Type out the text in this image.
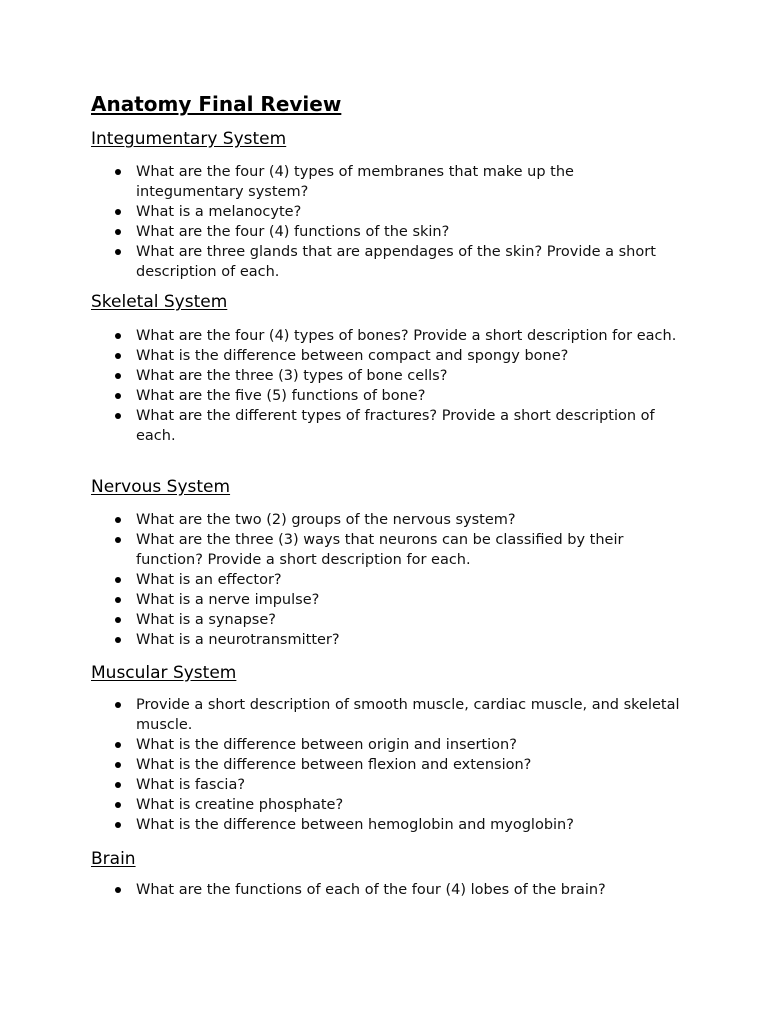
Anatomy Final Review
Integumentary System
What are the four (4) types of membranes that make up the integumentary system?
What is a melanocyte?
What are the four (4) functions of the skin?
What are three glands that are appendages of the skin? Provide a short description of each.
Skeletal System
What are the four (4) types of bones? Provide a short description for each.
What is the difference between compact and spongy bone?
What are the three (3) types of bone cells?
What are the five (5) functions of bone?
What are the different types of fractures? Provide a short description of each.
Nervous System
What are the two (2) groups of the nervous system?
What are the three (3) ways that neurons can be classified by their function? Provide a short description for each.
What is an effector?
What is a nerve impulse?
What is a synapse?
What is a neurotransmitter?
Muscular System
Provide a short description of smooth muscle, cardiac muscle, and skeletal muscle.
What is the difference between origin and insertion?
What is the difference between flexion and extension?
What is fascia?
What is creatine phosphate?
What is the difference between hemoglobin and myoglobin?
Brain
What are the functions of each of the four (4) lobes of the brain?
